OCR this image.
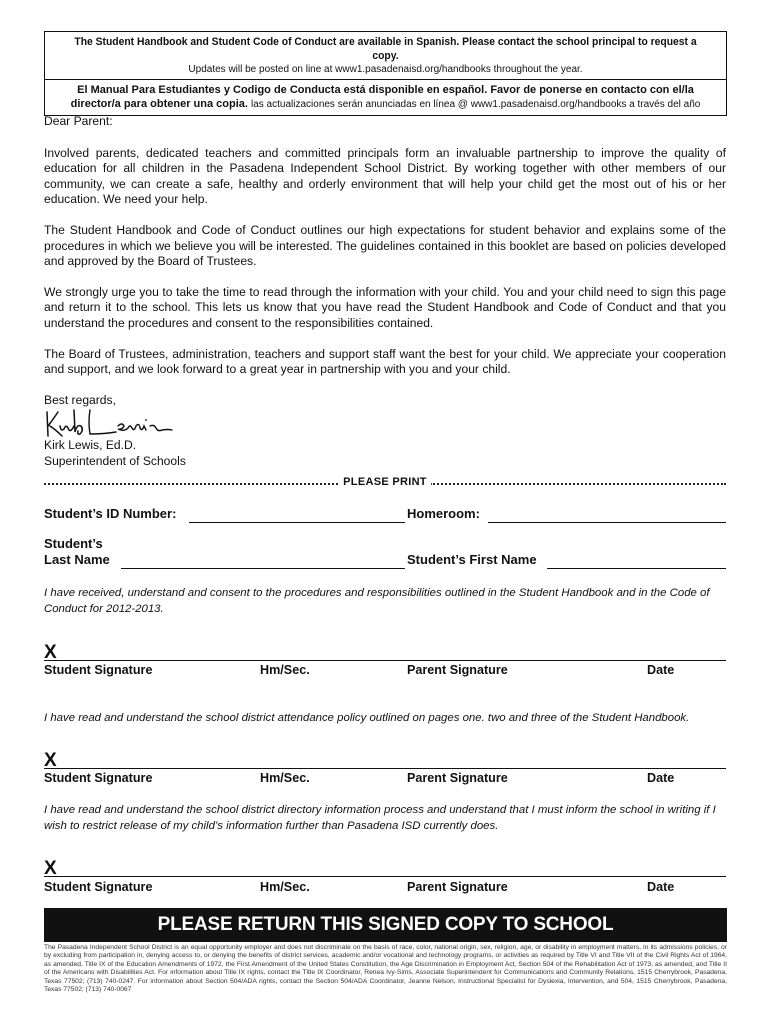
The Student Handbook and Student Code of Conduct are available in Spanish. Please contact the school principal to request a copy.
Updates will be posted on line at www1.pasadenaisd.org/handbooks throughout the year.
El Manual Para Estudiantes y Codigo de Conducta está disponible en español. Favor de ponerse en contacto con el/la director/a para obtener una copia. las actualizaciones serán anunciadas en línea @ www1.pasadenaisd.org/handbooks a través del año

Dear Parent:

Involved parents, dedicated teachers and committed principals form an invaluable partnership to improve the quality of education for all children in the Pasadena Independent School District. By working together with other members of our community, we can create a safe, healthy and orderly environment that will help your child get the most out of his or her education. We need your help.

The Student Handbook and Code of Conduct outlines our high expectations for student behavior and explains some of the procedures in which we believe you will be interested. The guidelines contained in this booklet are based on policies developed and approved by the Board of Trustees.

We strongly urge you to take the time to read through the information with your child. You and your child need to sign this page and return it to the school. This lets us know that you have read the Student Handbook and Code of Conduct and that you understand the procedures and consent to the responsibilities contained.

The Board of Trustees, administration, teachers and support staff want the best for your child. We appreciate your cooperation and support, and we look forward to a great year in partnership with you and your child.

Best regards,

Kirk Lewis, Ed.D.
Superintendent of Schools
PLEASE PRINT
Student’s ID Number:	Homeroom:
Student’s
Last Name	Student’s First Name
I have received, understand and consent to the procedures and responsibilities outlined in the Student Handbook and in the Code of Conduct for 2012-2013.
X
Student Signature	Hm/Sec.	Parent Signature	Date
I have read and understand the school district attendance policy outlined on pages one. two and three of the Student Handbook.
X
Student Signature	Hm/Sec.	Parent Signature	Date
I have read and understand the school district directory information process and understand that I must inform the school in writing if I wish to restrict release of my child’s information further than Pasadena ISD currently does.
X
Student Signature	Hm/Sec.	Parent Signature	Date
PLEASE RETURN THIS SIGNED COPY TO SCHOOL
The Pasadena Independent School District is an equal opportunity employer and does not discriminate on the basis of race, color, national origin, sex, religion, age, or disability in employment matters, in its admissions policies, or by excluding from participation in, denying access to, or denying the benefits of district services, academic and/or vocational and technology programs, or activities as required by Title VI and Title VII of the Civil Rights Act of 1964, as amended, Title IX of the Education Amendments of 1972, the First Amendment of the United States Constitution, the Age Discrimination in Employment Act, Section 504 of the Rehabilitation Act of 1973, as amended, and Title II of the Americans with Disabilities Act. For information about Title IX rights, contact the Title IX Coordinator, Renea Ivy-Sims, Associate Superintendent for Communications and Community Relations, 1515 Cherrybrook, Pasadena, Texas 77502; (713) 740-0247. For information about Section 504/ADA rights, contact the Section 504/ADA Coordinator, Jeanne Nelson, Instructional Specialist for Dyslexia, Intervention, and 504, 1515 Cherrybrook, Pasadena, Texas 77502; (713) 740-0067
